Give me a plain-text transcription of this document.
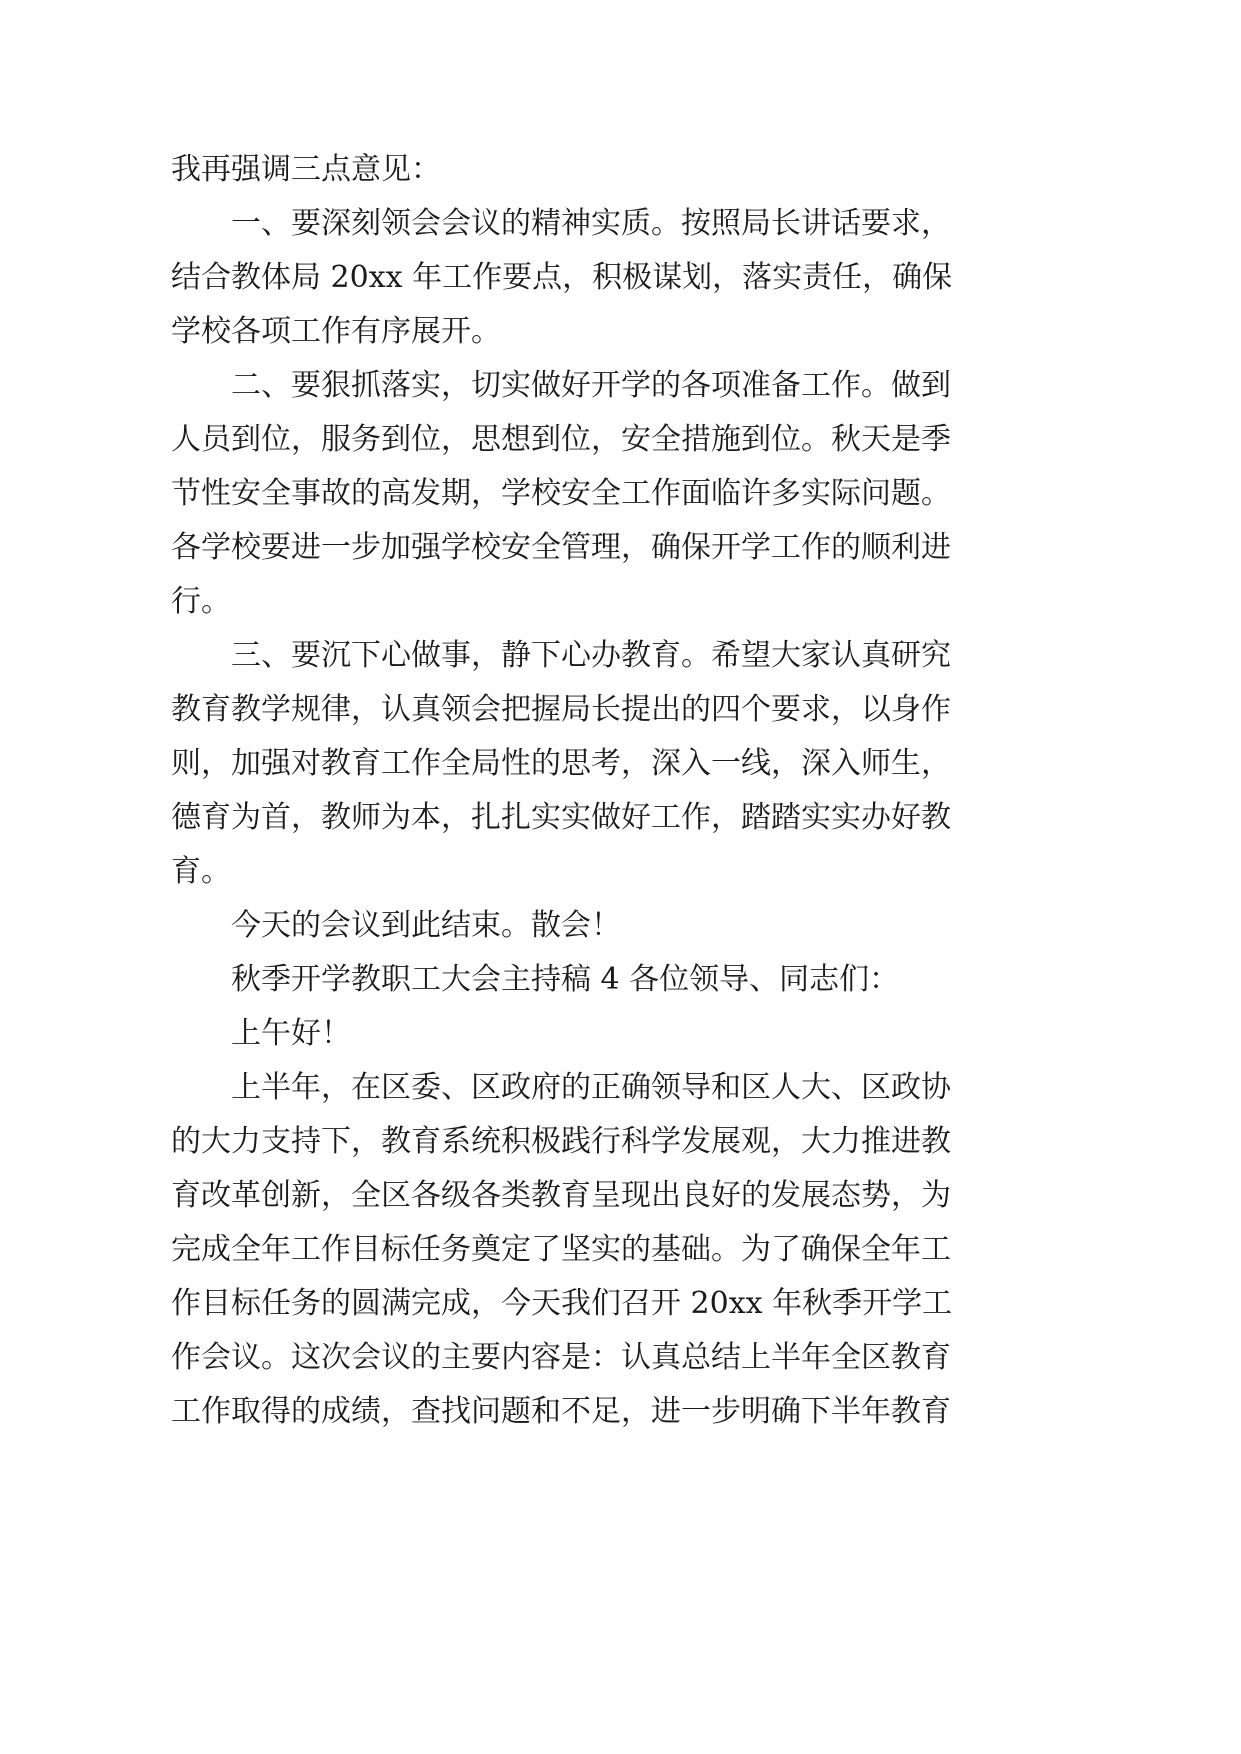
我再强调三点意见：
一、要深刻领会会议的精神实质。按照局长讲话要求，
结合教体局 20xx 年工作要点，积极谋划，落实责任，确保
学校各项工作有序展开。
二、要狠抓落实，切实做好开学的各项准备工作。做到
人员到位，服务到位，思想到位，安全措施到位。秋天是季
节性安全事故的高发期，学校安全工作面临许多实际问题。
各学校要进一步加强学校安全管理，确保开学工作的顺利进
行。
三、要沉下心做事，静下心办教育。希望大家认真研究
教育教学规律，认真领会把握局长提出的四个要求，以身作
则，加强对教育工作全局性的思考，深入一线，深入师生，
德育为首，教师为本，扎扎实实做好工作，踏踏实实办好教
育。
今天的会议到此结束。散会！
秋季开学教职工大会主持稿 4 各位领导、同志们：
上午好！
上半年，在区委、区政府的正确领导和区人大、区政协
的大力支持下，教育系统积极践行科学发展观，大力推进教
育改革创新，全区各级各类教育呈现出良好的发展态势，为
完成全年工作目标任务奠定了坚实的基础。为了确保全年工
作目标任务的圆满完成，今天我们召开 20xx 年秋季开学工
作会议。这次会议的主要内容是：认真总结上半年全区教育
工作取得的成绩，查找问题和不足，进一步明确下半年教育
